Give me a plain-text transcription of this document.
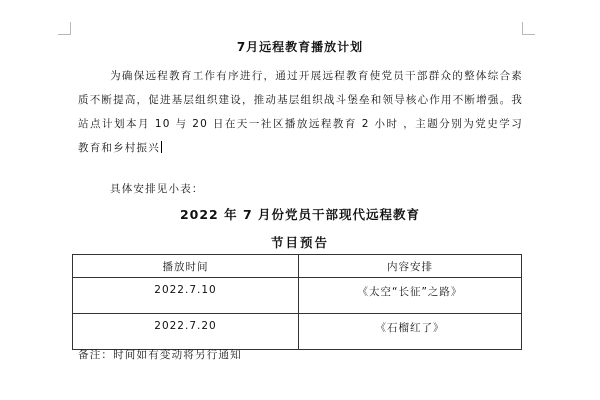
7月远程教育播放计划

为确保远程教育工作有序进行，通过开展远程教育使党员干部群众的整体综合素质不断提高，促进基层组织建设，推动基层组织战斗堡垒和领导核心作用不断增强。我站点计划本月 10 与 20 日在天一社区播放远程教育 2 小时 ，主题分别为党史学习教育和乡村振兴

具体安排见小表：
2022 年 7 月份党员干部现代远程教育
节目预告
播放时间	内容安排
2022.7.10	《太空“长征”之路》
2022.7.20	《石榴红了》
备注：时间如有变动将另行通知
